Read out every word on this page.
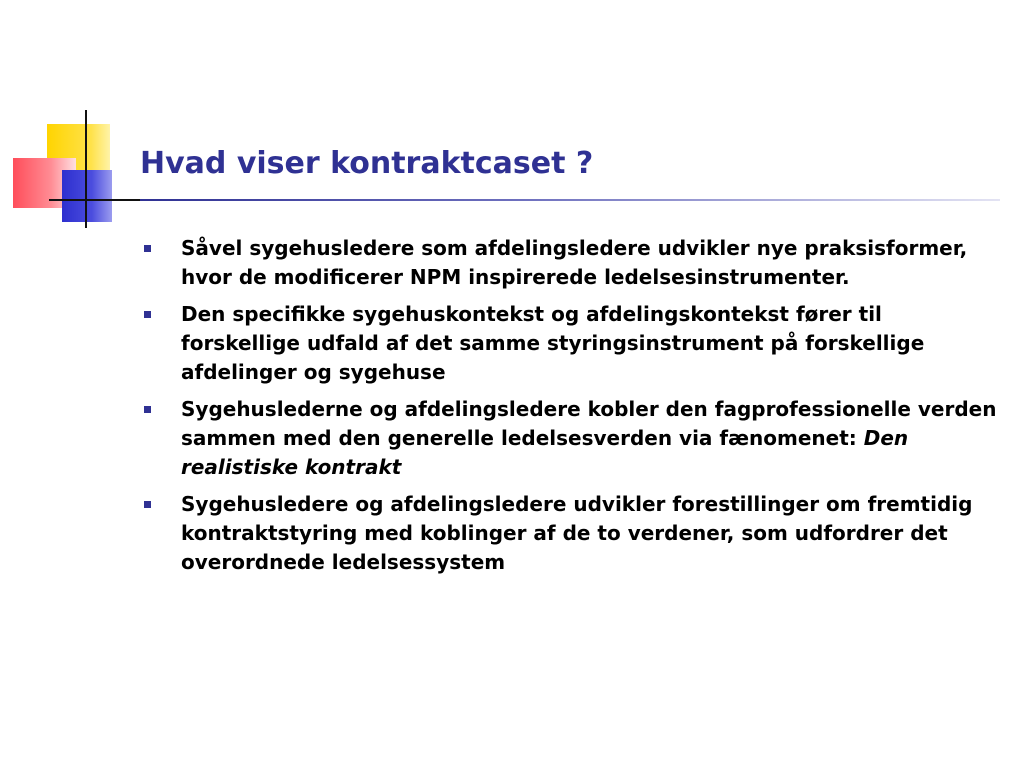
Hvad viser kontraktcaset ?
Såvel sygehusledere som afdelingsledere udvikler nye praksisformer, hvor de modificerer NPM inspirerede ledelsesinstrumenter.
Den specifikke sygehuskontekst og afdelingskontekst fører til forskellige udfald af det samme styringsinstrument på forskellige afdelinger og sygehuse
Sygehuslederne og afdelingsledere kobler den fagprofessionelle verden sammen med den generelle ledelsesverden via fænomenet: Den realistiske kontrakt
Sygehusledere og afdelingsledere udvikler forestillinger om fremtidig kontraktstyring med koblinger af de to verdener, som udfordrer det overordnede ledelsessystem
